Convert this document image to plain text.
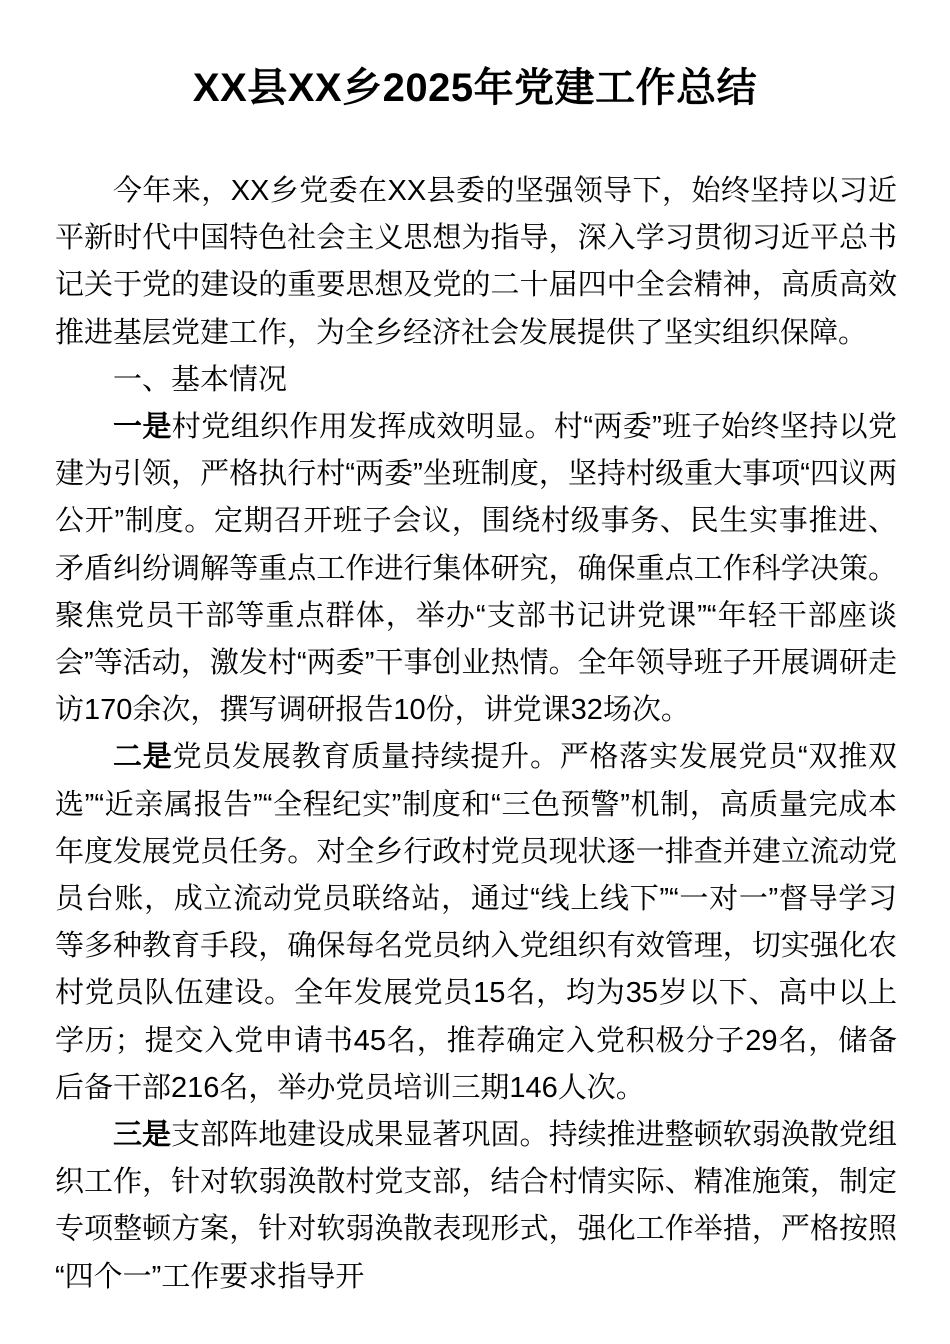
XX县XX乡2025年党建工作总结

今年来，XX乡党委在XX县委的坚强领导下，始终坚持以习近平新时代中国特色社会主义思想为指导，深入学习贯彻习近平总书记关于党的建设的重要思想及党的二十届四中全会精神，高质高效推进基层党建工作，为全乡经济社会发展提供了坚实组织保障。

一、基本情况

一是村党组织作用发挥成效明显。村“两委”班子始终坚持以党建为引领，严格执行村“两委”坐班制度，坚持村级重大事项“四议两公开”制度。定期召开班子会议，围绕村级事务、民生实事推进、矛盾纠纷调解等重点工作进行集体研究，确保重点工作科学决策。聚焦党员干部等重点群体，举办“支部书记讲党课”“年轻干部座谈会”等活动，激发村“两委”干事创业热情。全年领导班子开展调研走访170余次，撰写调研报告10份，讲党课32场次。

二是党员发展教育质量持续提升。严格落实发展党员“双推双选”“近亲属报告”“全程纪实”制度和“三色预警”机制，高质量完成本年度发展党员任务。对全乡行政村党员现状逐一排查并建立流动党员台账，成立流动党员联络站，通过“线上线下”“一对一”督导学习等多种教育手段，确保每名党员纳入党组织有效管理，切实强化农村党员队伍建设。全年发展党员15名，均为35岁以下、高中以上学历；提交入党申请书45名，推荐确定入党积极分子29名，储备后备干部216名，举办党员培训三期146人次。

三是支部阵地建设成果显著巩固。持续推进整顿软弱涣散党组织工作，针对软弱涣散村党支部，结合村情实际、精准施策，制定专项整顿方案，针对软弱涣散表现形式，强化工作举措，严格按照“四个一”工作要求指导开
